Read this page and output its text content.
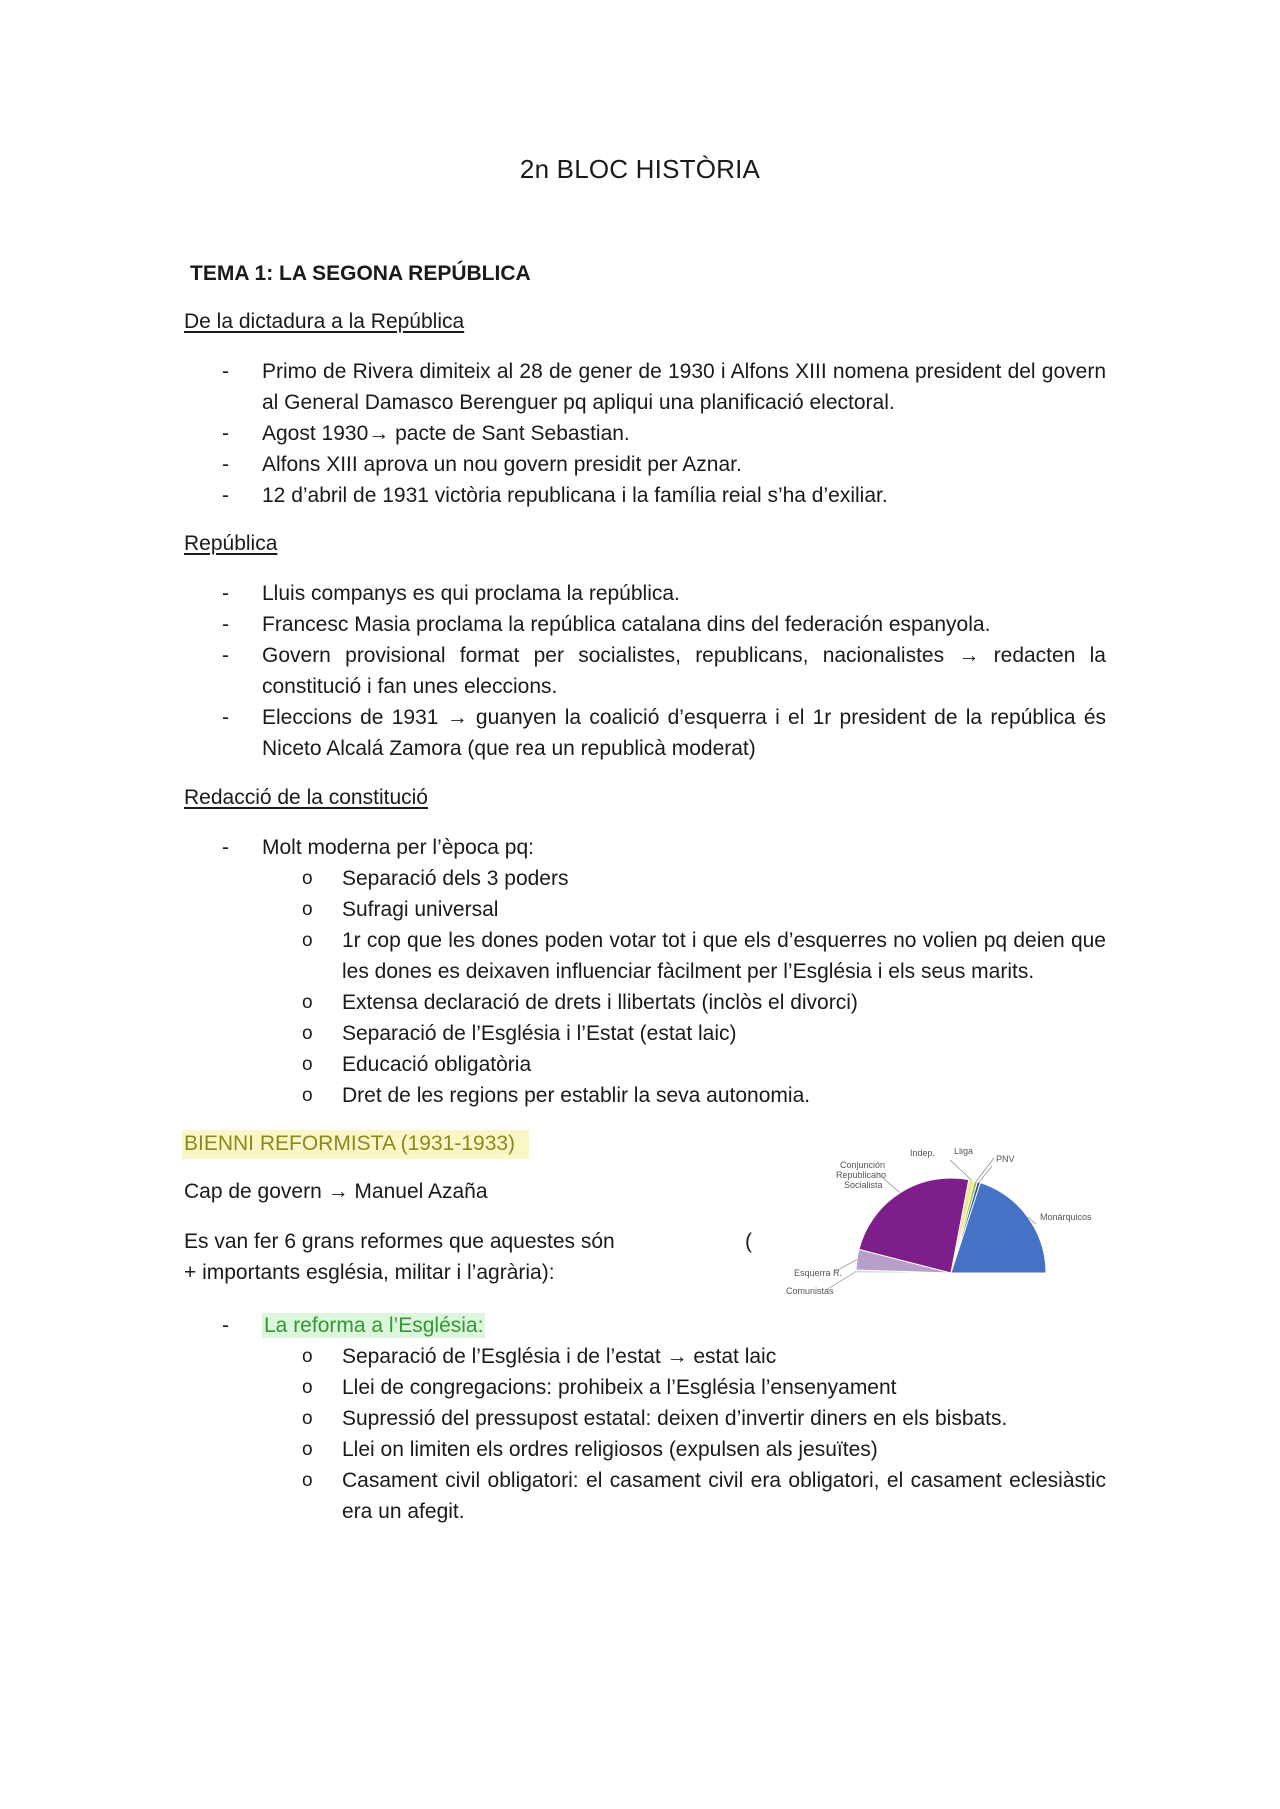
2n BLOC HISTÒRIA
TEMA 1: LA SEGONA REPÚBLICA
De la dictadura a la República
- Primo de Rivera dimiteix al 28 de gener de 1930 i Alfons XIII nomena president del govern al General Damasco Berenguer pq apliqui una planificació electoral.
- Agost 1930→ pacte de Sant Sebastian.
- Alfons XIII aprova un nou govern presidit per Aznar.
- 12 d’abril de 1931 victòria republicana i la família reial s’ha d’exiliar.
República
- Lluis companys es qui proclama la república.
- Francesc Masia proclama la república catalana dins del federación espanyola.
- Govern provisional format per socialistes, republicans, nacionalistes → redacten la constitució i fan unes eleccions.
- Eleccions de 1931 → guanyen la coalició d’esquerra i el 1r president de la república és Niceto Alcalá Zamora (que rea un republicà moderat)
Redacció de la constitució
- Molt moderna per l’època pq:
o Separació dels 3 poders
o Sufragi universal
o 1r cop que les dones poden votar tot i que els d’esquerres no volien pq deien que les dones es deixaven influenciar fàcilment per l’Església i els seus marits.
o Extensa declaració de drets i llibertats (inclòs el divorci)
o Separació de l’Església i l’Estat (estat laic)
o Educació obligatòria
o Dret de les regions per establir la seva autonomia.
BIENNI REFORMISTA (1931-1933)
Cap de govern → Manuel Azaña
Es van fer 6 grans reformes que aquestes són	(
+ importants església, militar i l’agrària):
Comunistas
Esquerra R.
Conjunción Republicano Socialista
Indep. Lliga
PNV
Monárquicos
- La reforma a l’Església:
o Separació de l’Església i de l’estat → estat laic
o Llei de congregacions: prohibeix a l’Església l’ensenyament
o Supressió del pressupost estatal: deixen d’invertir diners en els bisbats.
o Llei on limiten els ordres religiosos (expulsen als jesuïtes)
o Casament civil obligatori: el casament civil era obligatori, el casament eclesiàstic era un afegit.
